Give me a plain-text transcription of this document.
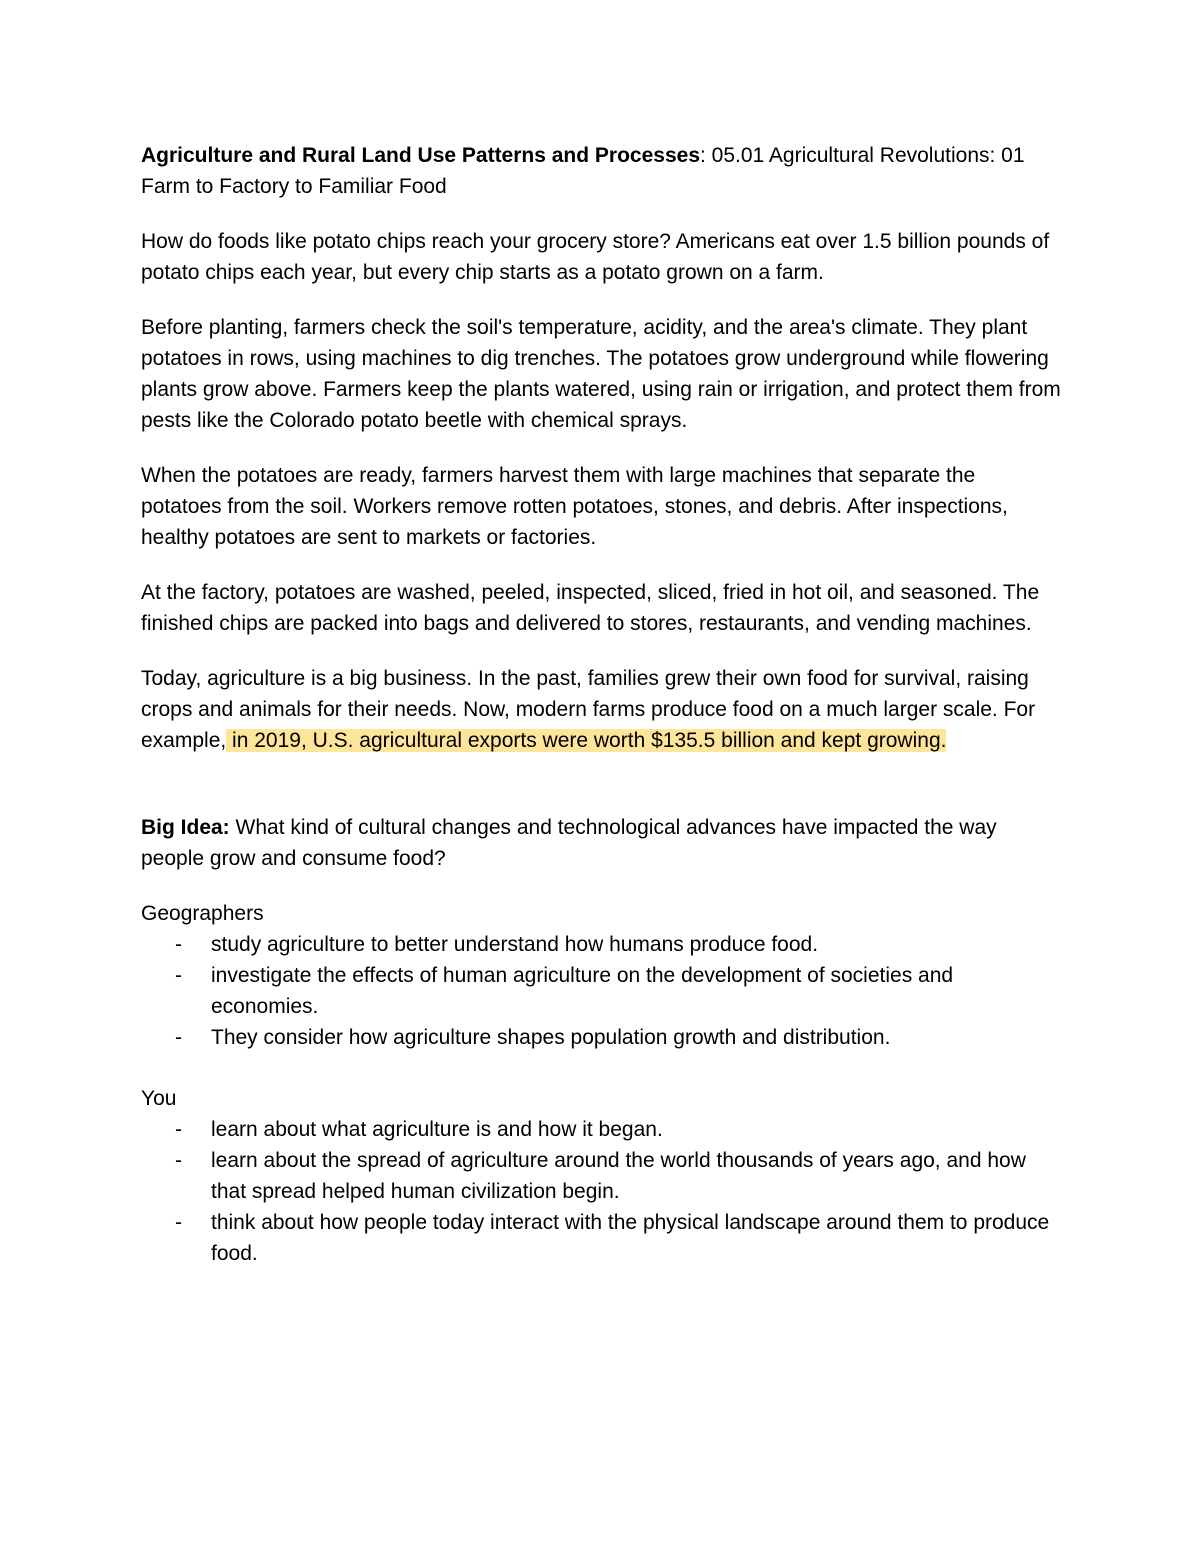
Agriculture and Rural Land Use Patterns and Processes: 05.01 Agricultural Revolutions: 01 Farm to Factory to Familiar Food

How do foods like potato chips reach your grocery store? Americans eat over 1.5 billion pounds of potato chips each year, but every chip starts as a potato grown on a farm.

Before planting, farmers check the soil's temperature, acidity, and the area's climate. They plant potatoes in rows, using machines to dig trenches. The potatoes grow underground while flowering plants grow above. Farmers keep the plants watered, using rain or irrigation, and protect them from pests like the Colorado potato beetle with chemical sprays.

When the potatoes are ready, farmers harvest them with large machines that separate the potatoes from the soil. Workers remove rotten potatoes, stones, and debris. After inspections, healthy potatoes are sent to markets or factories.

At the factory, potatoes are washed, peeled, inspected, sliced, fried in hot oil, and seasoned. The finished chips are packed into bags and delivered to stores, restaurants, and vending machines.

Today, agriculture is a big business. In the past, families grew their own food for survival, raising crops and animals for their needs. Now, modern farms produce food on a much larger scale. For example, in 2019, U.S. agricultural exports were worth $135.5 billion and kept growing.

Big Idea: What kind of cultural changes and technological advances have impacted the way people grow and consume food?

Geographers

- study agriculture to better understand how humans produce food.
- investigate the effects of human agriculture on the development of societies and economies.
- They consider how agriculture shapes population growth and distribution.

You

- learn about what agriculture is and how it began.
- learn about the spread of agriculture around the world thousands of years ago, and how that spread helped human civilization begin.
- think about how people today interact with the physical landscape around them to produce food.
